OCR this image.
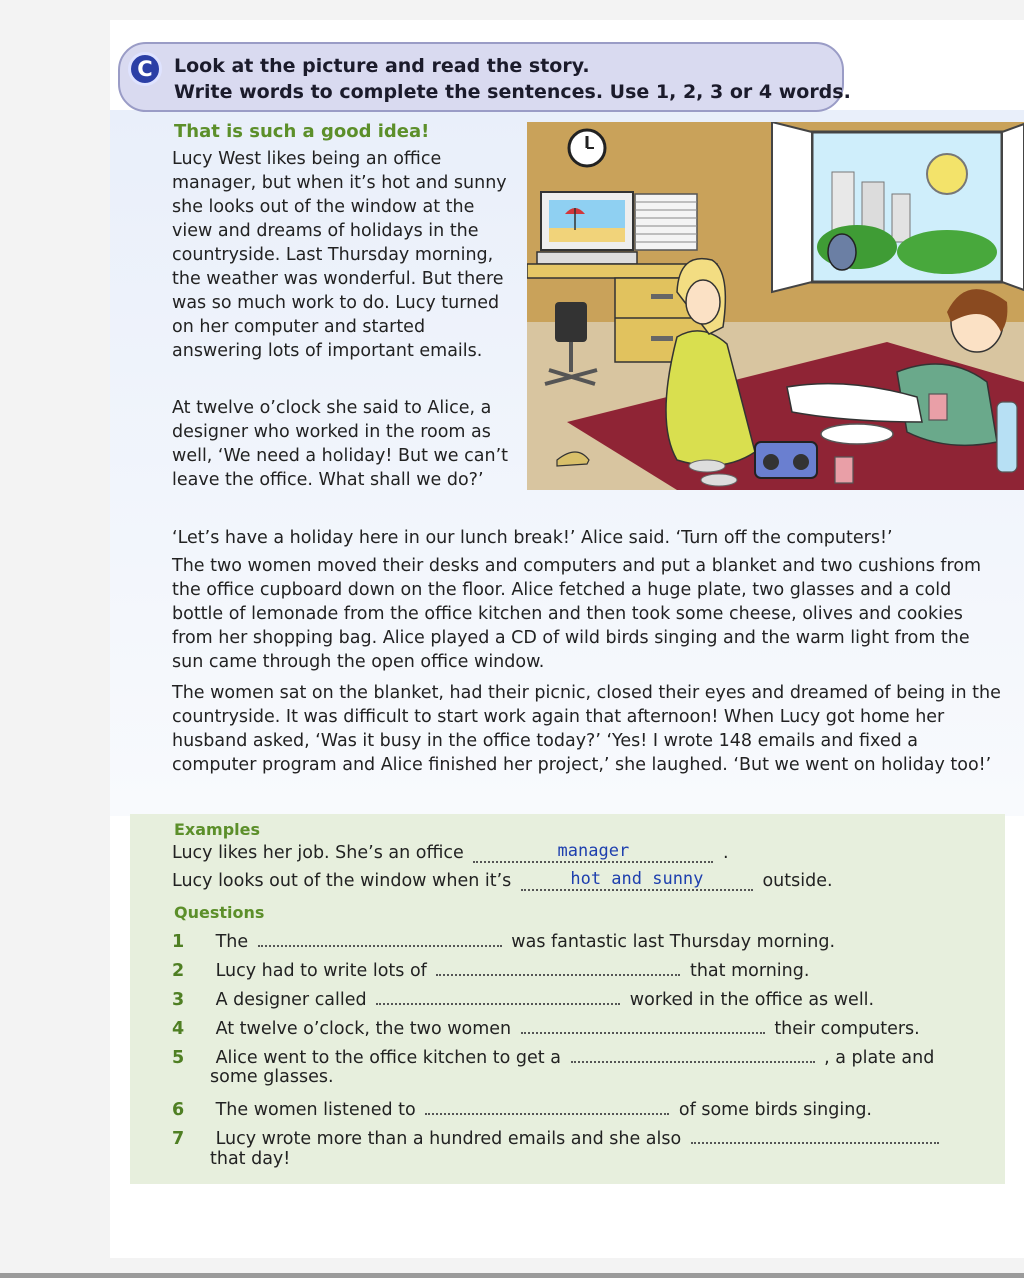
C	Look at the picture and read the story.
Write words to complete the sentences. Use 1, 2, 3 or 4 words.
That is such a good idea!

Lucy West likes being an office manager, but when it’s hot and sunny she looks out of the window at the view and dreams of holidays in the countryside. Last Thursday morning, the weather was wonderful. But there was so much work to do. Lucy turned on her computer and started answering lots of important emails.

At twelve o’clock she said to Alice, a designer who worked in the room as well, ‘We need a holiday! But we can’t leave the office. What shall we do?’

‘Let’s have a holiday here in our lunch break!’ Alice said. ‘Turn off the computers!’

The two women moved their desks and computers and put a blanket and two cushions from the office cupboard down on the floor. Alice fetched a huge plate, two glasses and a cold bottle of lemonade from the office kitchen and then took some cheese, olives and cookies from her shopping bag. Alice played a CD of wild birds singing and the warm light from the sun came through the open office window.

The women sat on the blanket, had their picnic, closed their eyes and dreamed of being in the countryside. It was difficult to start work again that afternoon! When Lucy got home her husband asked, ‘Was it busy in the office today?’ ‘Yes! I wrote 148 emails and fixed a computer program and Alice finished her project,’ she laughed. ‘But we went on holiday too!’

Examples
Lucy likes her job. She’s an office	manager	.
Lucy looks out of the window when it’s	hot and sunny	outside.
Questions
1 The	was fantastic last Thursday morning.
2 Lucy had to write lots of	that morning.
3 A designer called	worked in the office as well.
4 At twelve o’clock, the two women	their computers.
5 Alice went to the office kitchen to get a	, a plate and
some glasses.
6 The women listened to	of some birds singing.
7 Lucy wrote more than a hundred emails and she also
that day!
